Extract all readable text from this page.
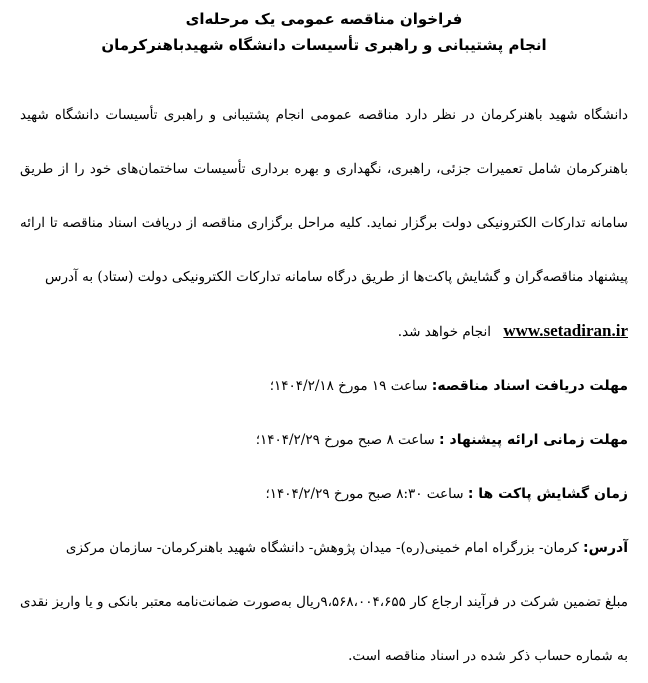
فراخوان مناقصه عمومی یک مرحله‌ای

انجام پشتیبانی و راهبری تأسیسات دانشگاه شهیدباهنرکرمان

دانشگاه شهید باهنرکرمان در نظر دارد مناقصه عمومی انجام پشتیبانی و راهبری تأسیسات دانشگاه شهید باهنرکرمان شامل تعمیرات جزئی، راهبری، نگهداری و بهره برداری تأسیسات ساختمان‌های خود را از طریق سامانه تدارکات الکترونیکی دولت برگزار نماید. کلیه مراحل برگزاری مناقصه از دریافت اسناد مناقصه تا ارائه پیشنهاد مناقصه‌گران و گشایش پاکت‌ها از طریق درگاه سامانه تدارکات الکترونیکی دولت (ستاد) به آدرس

www.setadiran.ir انجام خواهد شد.

مهلت دریافت اسناد مناقصه: ساعت ۱۹ مورخ ۱۴۰۴/۲/۱۸؛

مهلت زمانی ارائه پیشنهاد : ساعت ۸ صبح مورخ ۱۴۰۴/۲/۲۹؛

زمان گشایش پاکت ها : ساعت ۸:۳۰ صبح مورخ ۱۴۰۴/۲/۲۹؛

آدرس: کرمان- بزرگراه امام خمینی(ره)- میدان پژوهش- دانشگاه شهید باهنرکرمان- سازمان مرکزی

مبلغ تضمین شرکت در فرآیند ارجاع کار ۹،۵۶۸،۰۰۴،۶۵۵ریال به‌صورت ضمانت‌نامه معتبر بانکی و یا واریز نقدی به شماره حساب ذکر شده در اسناد مناقصه است.
